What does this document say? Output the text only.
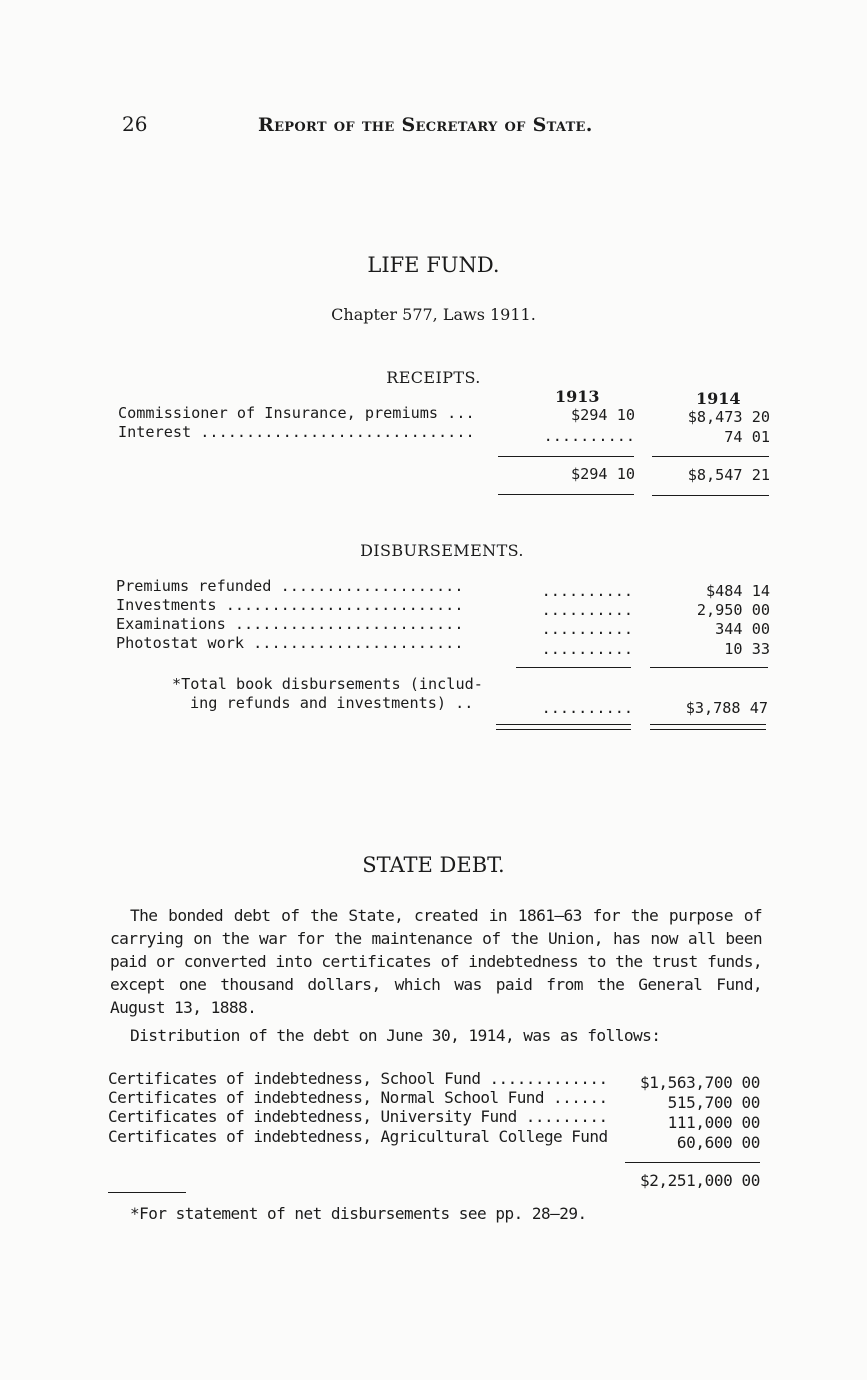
26	Report of the Secretary of State.
LIFE FUND.
Chapter 577, Laws 1911.
RECEIPTS.
1913	1914
Commissioner of Insurance, premiums ...	$294 10	$8,473 20
Interest ..............................	..........	74 01
$294 10	$8,547 21
DISBURSEMENTS.
Premiums refunded ....................	..........	$484 14
Investments ..........................	..........	2,950 00
Examinations .........................	..........	344 00
Photostat work .......................	..........	10 33
*Total book disbursements (includ-
ing refunds and investments) ..	..........	$3,788 47
STATE DEBT.

The bonded debt of the State, created in 1861–63 for the purpose of carrying on the war for the maintenance of the Union, has now all been paid or converted into certificates of indebtedness to the trust funds, except one thousand dollars, which was paid from the General Fund, August 13, 1888.

Distribution of the debt on June 30, 1914, was as follows:
Certificates of indebtedness, School Fund .............	$1,563,700 00
Certificates of indebtedness, Normal School Fund ......	515,700 00
Certificates of indebtedness, University Fund .........	111,000 00
Certificates of indebtedness, Agricultural College Fund	60,600 00
$2,251,000 00
*For statement of net disbursements see pp. 28–29.
